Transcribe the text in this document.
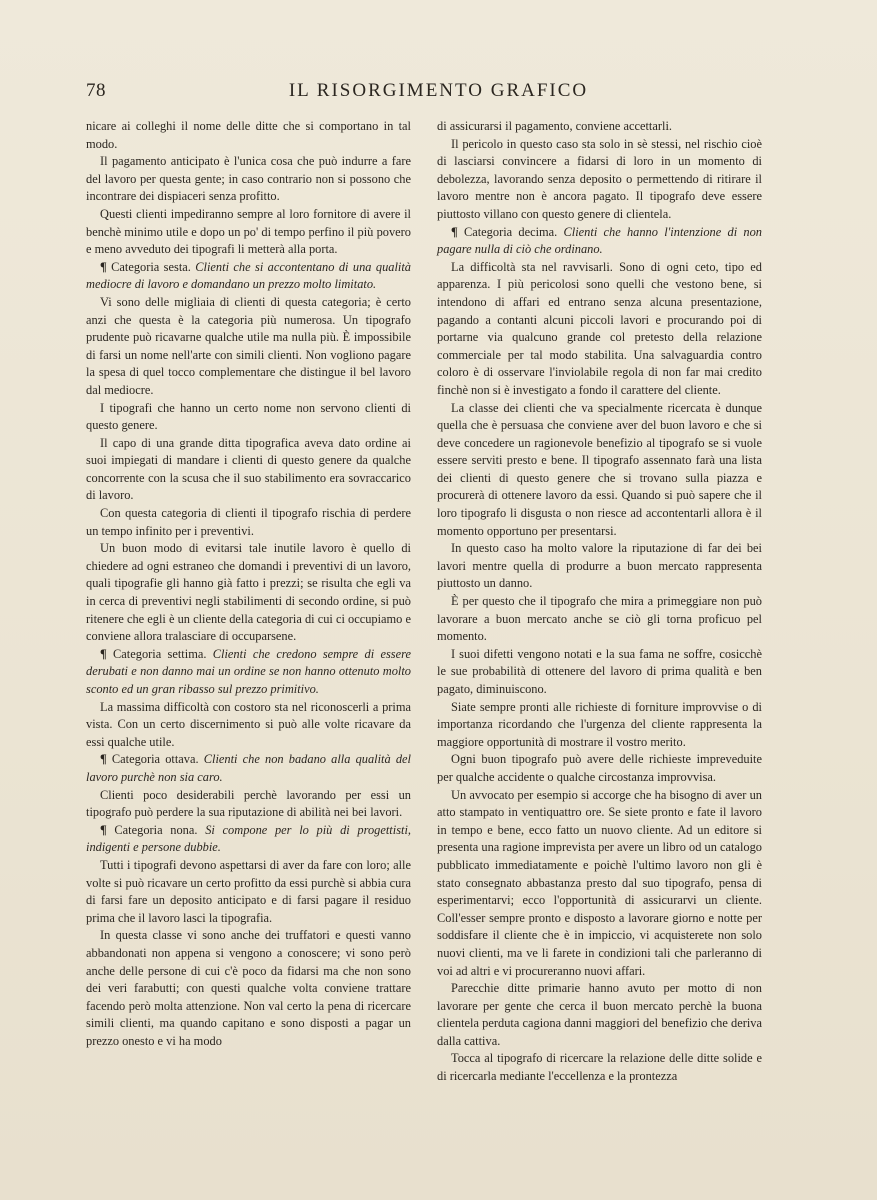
78	IL RISORGIMENTO GRAFICO

nicare ai colleghi il nome delle ditte che si comportano in tal modo.

Il pagamento anticipato è l'unica cosa che può indurre a fare del lavoro per questa gente; in caso contrario non si possono che incontrare dei dispiaceri senza profitto.

Questi clienti impediranno sempre al loro fornitore di avere il benchè minimo utile e dopo un po' di tempo perfino il più povero e meno avveduto dei tipografi li metterà alla porta.

¶ Categoria sesta. Clienti che si accontentano di una qualità mediocre di lavoro e domandano un prezzo molto limitato.

Vi sono delle migliaia di clienti di questa categoria; è certo anzi che questa è la categoria più numerosa. Un tipografo prudente può ricavarne qualche utile ma nulla più. È impossibile di farsi un nome nell'arte con simili clienti. Non vogliono pagare la spesa di quel tocco complementare che distingue il bel lavoro dal mediocre.

I tipografi che hanno un certo nome non servono clienti di questo genere.

Il capo di una grande ditta tipografica aveva dato ordine ai suoi impiegati di mandare i clienti di questo genere da qualche concorrente con la scusa che il suo stabilimento era sovraccarico di lavoro.

Con questa categoria di clienti il tipografo rischia di perdere un tempo infinito per i preventivi.

Un buon modo di evitarsi tale inutile lavoro è quello di chiedere ad ogni estraneo che domandi i preventivi di un lavoro, quali tipografie gli hanno già fatto i prezzi; se risulta che egli va in cerca di preventivi negli stabilimenti di secondo ordine, si può ritenere che egli è un cliente della categoria di cui ci occupiamo e conviene allora tralasciare di occuparsene.

¶ Categoria settima. Clienti che credono sempre di essere derubati e non danno mai un ordine se non hanno ottenuto molto sconto ed un gran ribasso sul prezzo primitivo.

La massima difficoltà con costoro sta nel riconoscerli a prima vista. Con un certo discernimento si può alle volte ricavare da essi qualche utile.

¶ Categoria ottava. Clienti che non badano alla qualità del lavoro purchè non sia caro.

Clienti poco desiderabili perchè lavorando per essi un tipografo può perdere la sua riputazione di abilità nei bei lavori.

¶ Categoria nona. Si compone per lo più di progettisti, indigenti e persone dubbie.

Tutti i tipografi devono aspettarsi di aver da fare con loro; alle volte si può ricavare un certo profitto da essi purchè si abbia cura di farsi fare un deposito anticipato e di farsi pagare il residuo prima che il lavoro lasci la tipografia.

In questa classe vi sono anche dei truffatori e questi vanno abbandonati non appena si vengono a conoscere; vi sono però anche delle persone di cui c'è poco da fidarsi ma che non sono dei veri farabutti; con questi qualche volta conviene trattare facendo però molta attenzione. Non val certo la pena di ricercare simili clienti, ma quando capitano e sono disposti a pagar un prezzo onesto e vi ha modo

di assicurarsi il pagamento, conviene accettarli.

Il pericolo in questo caso sta solo in sè stessi, nel rischio cioè di lasciarsi convincere a fidarsi di loro in un momento di debolezza, lavorando senza deposito o permettendo di ritirare il lavoro mentre non è ancora pagato. Il tipografo deve essere piuttosto villano con questo genere di clientela.

¶ Categoria decima. Clienti che hanno l'intenzione di non pagare nulla di ciò che ordinano.

La difficoltà sta nel ravvisarli. Sono di ogni ceto, tipo ed apparenza. I più pericolosi sono quelli che vestono bene, si intendono di affari ed entrano senza alcuna presentazione, pagando a contanti alcuni piccoli lavori e procurando poi di portarne via qualcuno grande col pretesto della relazione commerciale per tal modo stabilita. Una salvaguardia contro coloro è di osservare l'inviolabile regola di non far mai credito finchè non si è investigato a fondo il carattere del cliente.

La classe dei clienti che va specialmente ricercata è dunque quella che è persuasa che conviene aver del buon lavoro e che si deve concedere un ragionevole benefizio al tipografo se si vuole essere serviti presto e bene. Il tipografo assennato farà una lista dei clienti di questo genere che si trovano sulla piazza e procurerà di ottenere lavoro da essi. Quando si può sapere che il loro tipografo li disgusta o non riesce ad accontentarli allora è il momento opportuno per presentarsi.

In questo caso ha molto valore la riputazione di far dei bei lavori mentre quella di produrre a buon mercato rappresenta piuttosto un danno.

È per questo che il tipografo che mira a primeggiare non può lavorare a buon mercato anche se ciò gli torna proficuo pel momento.

I suoi difetti vengono notati e la sua fama ne soffre, cosicchè le sue probabilità di ottenere del lavoro di prima qualità e ben pagato, diminuiscono.

Siate sempre pronti alle richieste di forniture improvvise o di importanza ricordando che l'urgenza del cliente rappresenta la maggiore opportunità di mostrare il vostro merito.

Ogni buon tipografo può avere delle richieste impreveduite per qualche accidente o qualche circostanza improvvisa.

Un avvocato per esempio si accorge che ha bisogno di aver un atto stampato in ventiquattro ore. Se siete pronto e fate il lavoro in tempo e bene, ecco fatto un nuovo cliente. Ad un editore si presenta una ragione imprevista per avere un libro od un catalogo pubblicato immediatamente e poichè l'ultimo lavoro non gli è stato consegnato abbastanza presto dal suo tipografo, pensa di esperimentarvi; ecco l'opportunità di assicurarvi un cliente. Coll'esser sempre pronto e disposto a lavorare giorno e notte per soddisfare il cliente che è in impiccio, vi acquisterete non solo nuovi clienti, ma ve li farete in condizioni tali che parleranno di voi ad altri e vi procureranno nuovi affari.

Parecchie ditte primarie hanno avuto per motto di non lavorare per gente che cerca il buon mercato perchè la buona clientela perduta cagiona danni maggiori del benefizio che deriva dalla cattiva.

Tocca al tipografo di ricercare la relazione delle ditte solide e di ricercarla mediante l'eccellenza e la prontezza
